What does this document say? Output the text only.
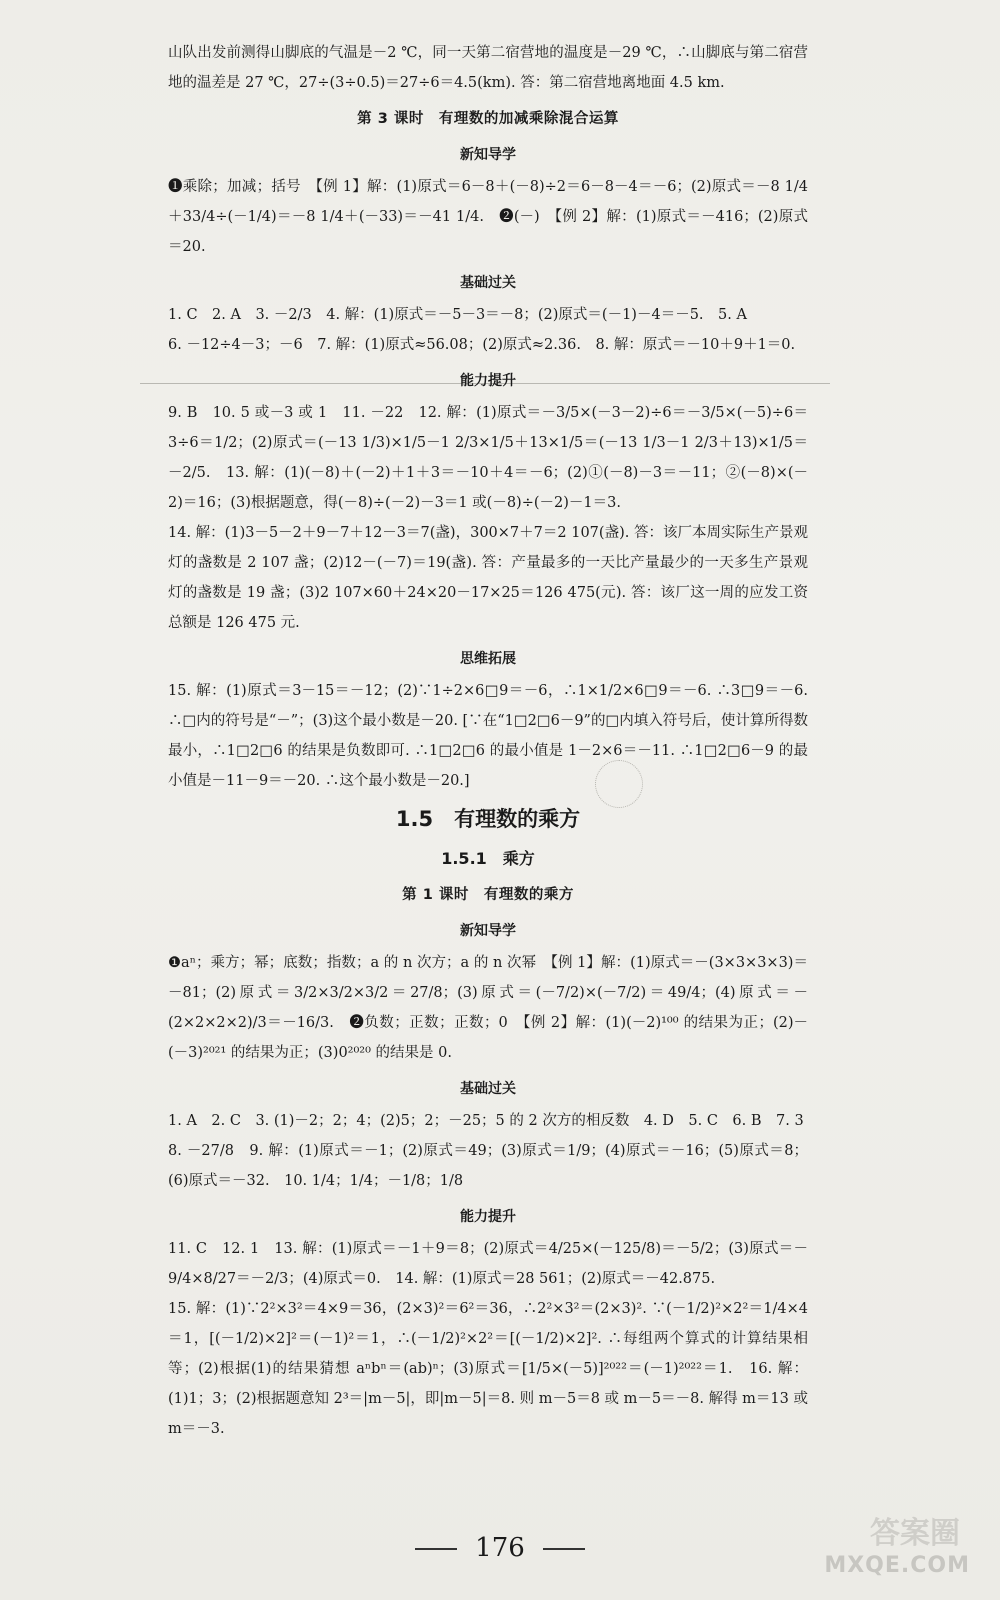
山队出发前测得山脚底的气温是－2 ℃，同一天第二宿营地的温度是－29 ℃，∴山脚底与第二宿营地的温差是 27 ℃，27÷(3÷0.5)＝27÷6＝4.5(km). 答：第二宿营地离地面 4.5 km.

第 3 课时　有理数的加减乘除混合运算
新知导学

❶乘除；加减；括号　【例 1】解：(1)原式＝6－8＋(－8)÷2＝6－8－4＝－6；(2)原式＝－8 1/4＋33/4÷(－1/4)＝－8 1/4＋(－33)＝－41 1/4.　❷(－)　【例 2】解：(1)原式＝－416；(2)原式＝20.

基础过关

1. C　2. A　3. －2/3　4. 解：(1)原式＝－5－3＝－8；(2)原式＝(－1)－4＝－5.　5. A

6. －12÷4－3；－6　7. 解：(1)原式≈56.08；(2)原式≈2.36.　8. 解：原式＝－10＋9＋1＝0.

能力提升

9. B　10. 5 或－3 或 1　11. －22　12. 解：(1)原式＝－3/5×(－3－2)÷6＝－3/5×(－5)÷6＝3÷6＝1/2；(2)原式＝(－13 1/3)×1/5－1 2/3×1/5＋13×1/5＝(－13 1/3－1 2/3＋13)×1/5＝－2/5.　13. 解：(1)(－8)＋(－2)＋1＋3＝－10＋4＝－6；(2)①(－8)－3＝－11；②(－8)×(－2)＝16；(3)根据题意，得(－8)÷(－2)－3＝1 或(－8)÷(－2)－1＝3.

14. 解：(1)3－5－2＋9－7＋12－3＝7(盏)，300×7＋7＝2 107(盏). 答：该厂本周实际生产景观灯的盏数是 2 107 盏；(2)12－(－7)＝19(盏). 答：产量最多的一天比产量最少的一天多生产景观灯的盏数是 19 盏；(3)2 107×60＋24×20－17×25＝126 475(元). 答：该厂这一周的应发工资总额是 126 475 元.

思维拓展

15. 解：(1)原式＝3－15＝－12；(2)∵1÷2×6□9＝－6，∴1×1/2×6□9＝－6. ∴3□9＝－6. ∴□内的符号是“－”；(3)这个最小数是－20. [∵在“1□2□6－9”的□内填入符号后，使计算所得数最小，∴1□2□6 的结果是负数即可. ∴1□2□6 的最小值是 1－2×6＝－11. ∴1□2□6－9 的最小值是－11－9＝－20. ∴这个最小数是－20.]

1.5　有理数的乘方
1.5.1　乘方
第 1 课时　有理数的乘方
新知导学

❶aⁿ；乘方；幂；底数；指数；a 的 n 次方；a 的 n 次幂　【例 1】解：(1)原式＝－(3×3×3×3)＝－81；(2)原式＝3/2×3/2×3/2＝27/8；(3)原式＝(－7/2)×(－7/2)＝49/4；(4)原式＝－(2×2×2×2)/3＝－16/3.　❷负数；正数；正数；0　【例 2】解：(1)(－2)¹⁰⁰ 的结果为正；(2)－(－3)²⁰²¹ 的结果为正；(3)0²⁰²⁰ 的结果是 0.

基础过关

1. A　2. C　3. (1)－2；2；4；(2)5；2；－25；5 的 2 次方的相反数　4. D　5. C　6. B　7. 3

8. －27/8　9. 解：(1)原式＝－1；(2)原式＝49；(3)原式＝1/9；(4)原式＝－16；(5)原式＝8；(6)原式＝－32.　10. 1/4；1/4；－1/8；1/8

能力提升

11. C　12. 1　13. 解：(1)原式＝－1＋9＝8；(2)原式＝4/25×(－125/8)＝－5/2；(3)原式＝－9/4×8/27＝－2/3；(4)原式＝0.　14. 解：(1)原式＝28 561；(2)原式＝－42.875.

15. 解：(1)∵2²×3²＝4×9＝36，(2×3)²＝6²＝36，∴2²×3²＝(2×3)². ∵(－1/2)²×2²＝1/4×4＝1，[(－1/2)×2]²＝(－1)²＝1，∴(－1/2)²×2²＝[(－1/2)×2]². ∴每组两个算式的计算结果相等；(2)根据(1)的结果猜想 aⁿbⁿ＝(ab)ⁿ；(3)原式＝[1/5×(－5)]²⁰²²＝(－1)²⁰²²＝1.　16. 解：(1)1；3；(2)根据题意知 2³＝|m－5|，即|m－5|＝8. 则 m－5＝8 或 m－5＝－8. 解得 m＝13 或 m＝－3.

176	答案圈
MXQE.COM
